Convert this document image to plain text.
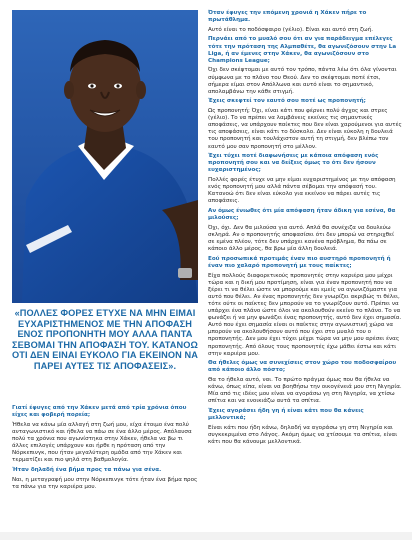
«ΠΟΛΛΕΣ ΦΟΡΕΣ ΕΤΥΧΕ ΝΑ ΜΗΝ ΕΙΜΑΙ ΕΥΧΑΡΙΣΤΗΜΕΝΟΣ ΜΕ ΤΗΝ ΑΠΟΦΑΣΗ ΕΝΟΣ ΠΡΟΠΟΝΗΤΗ ΜΟΥ ΑΛΛΑ ΠΑΝΤΑ ΣΕΒΟΜΑΙ ΤΗΝ ΑΠΟΦΑΣΗ ΤΟΥ. ΚΑΤΑΝΟΩ ΟΤΙ ΔΕΝ ΕΙΝΑΙ ΕΥΚΟΛΟ ΓΙΑ ΕΚΕΙΝΟΝ ΝΑ ΠΑΡΕΙ ΑΥΤΕΣ ΤΙΣ ΑΠΟΦΑΣΕΙΣ».

Γιατί έφυγες από την Χάκεν μετά από τρία χρόνια όπου είχες και φοβερή πορεία;

Ήθελα να κάνω μία αλλαγή στη ζωή μου, είχα έτοιμο ένα πολύ ανταγωνιστικό και ήθελα να πάω σε ένα άλλο μέρος. Απόλαυσα πολύ τα χρόνια που αγωνίστηκα στην Χάκεν, ήθελα να βω τι άλλες επιλογές υπάρχουν και ήρθε η πρόταση από την Νόρκεπινγκ, που ήταν μεγαλύτερη ομάδα από την Χάκεν και τερματίζει και πιο ψηλά στη βαθμολογία.

Ήταν δηλαδή ένα βήμα προς τα πάνω για σένα.

Ναι, η μεταγραφή μου στην Νόρκεπινγκ τότε ήταν ένα βήμα προς τα πάνω για την καριέρα μου.

Όταν έφυγες την επόμενη χρονιά η Χάκεν πήρε το πρωτάθλημα.

Αυτό είναι το ποδόσφαιρο (γέλιο). Είναι και αυτό στη ζωή.

Περνάει από το μυαλό σου ότι αν για παράδειγμα επέλεγες τότε την πρόταση της Αλμπαθέτε, θα αγωνιζόσουν στην La Liga, ή αν έμενες στην Χάκεν, θα αγωνιζόσουν στο Champions League;

Όχι δεν σκέφτομαι με αυτό τον τρόπο, πάντα λέω ότι όλα γίνονται σύμφωνα με το πλάνο του Θεού. Δεν το σκέφτομαι ποτέ έτσι, σήμερα είμαι στον Απόλλωνα και αυτό είναι το σημαντικό, απολαμβάνω την κάθε στιγμή.

Έχεις σκεφτεί τον εαυτό σου ποτέ ως προπονητή;

Ως προπονητή; Όχι, είναι κάτι που φέρνει πολύ άγχος και στρες (γέλιο). Το να πρέπει να λαμβάνεις εκείνες τις σημαντικές αποφάσεις, να υπάρχουν παίκτες που δεν είναι χαρούμενοι για αυτές τις αποφάσεις, είναι κάτι το δύσκολο. Δεν είναι εύκολη η δουλειά του προπονητή και τουλάχιστον αυτή τη στιγμή, δεν βλέπω τον εαυτό μου σαν προπονητή στο μέλλον.

Έχει τύχει ποτέ διαφωνήσεις με κάποια απόφαση ενός προπονητή σου και να δείξεις όμως το ότι δεν ήσουν ευχαριστημένος;

Πολλές φορές έτυχε να μην είμαι ευχαριστημένος με την απόφαση ενός προπονητή μου αλλά πάντα σέβομαι την απόφασή του. Κατανοώ ότι δεν είναι εύκολο για εκείνον να πάρει αυτές τις αποφάσεις.

Αν όμως ένιωθες ότι μία απόφαση ήταν άδικη για εσένα, θα μιλούσες;

Όχι, όχι. Δεν θα μιλούσα για αυτό. Απλά θα συνέχιζα να δουλεύω σκληρά. Αν ο προπονητής αποφασίσει ότι δεν μπορώ να στηριχθεί σε εμένα πλέον, τότε δεν υπάρχει κανένα πρόβλημα, θα πάω σε κάποιο άλλο μέρος, θα βρω μία άλλη δουλειά.

Εού προσωπικά προτιμάς έναν πιο αυστηρό προπονητή ή έναν πιο χαλαρό προπονητή με τους παίκτες;

Είχα πολλούς διαφορετικούς προπονητές στην καριέρα μου μέχρι τώρα και η δική μου προτίμηση, είναι για έναν προπονητή που να ξέρει τι να θέλει ώστε να μπορούμε και εμείς να αγωνιζόμαστε για αυτό που θέλει. Αν ένας προπονητής δεν γνωρίζει ακριβώς τι θέλει, τότε ούτε οι παίκτες δεν μπορούν να το γνωρίζουν αυτό. Πρέπει να υπάρχει ένα πλάνο ώστε όλοι να ακολουθούν εκείνο το πλάνο. Το να φωνάζει ή να μην φωνάζει ένας προπονητής, αυτό δεν έχει σημασία. Αυτό που έχει σημασία είναι οι παίκτες στην αγωνιστική χώρα να μπορούν να ακολουθήσουν αυτό που έχει στο μυαλό του ο προπονητής. Δεν μου έχει τύχει μέχρι τώρα να μην μου αρέσει ένας προπονητής. Από όλους τους προπονητές έχω μάθει έστω και κάτι στην καριέρα μου.

Θα ήθελες όμως να συνεχίσεις στον χώρο του ποδοσφαίρου από κάποιο άλλο πόστο;

Θα το ήθελα αυτό, ναι. Το πρώτο πράγμα όμως που θα ήθελα να κάνω, όπως είπα, είναι να βοηθήσω την οικογένειά μου στη Νιγηρία. Μία από τις ιδέες μου είναι να αγοράσω γη στη Νιγηρία, να χτίσω σπίτια και να ενοικιάζω αυτά τα σπίτια.

Έχεις αγοράσει ήδη γη ή είναι κάτι που θα κάνεις μελλοντικά;

Είναι κάτι που ήδη κάνω, δηλαδή να αγοράσω γη στη Νιγηρία και συγκεκριμένα στο Λάγος. Ακόμη όμως να χτίσουμε τα σπίτια, είναι κάτι που θα κάνουμε μελλοντικά.
